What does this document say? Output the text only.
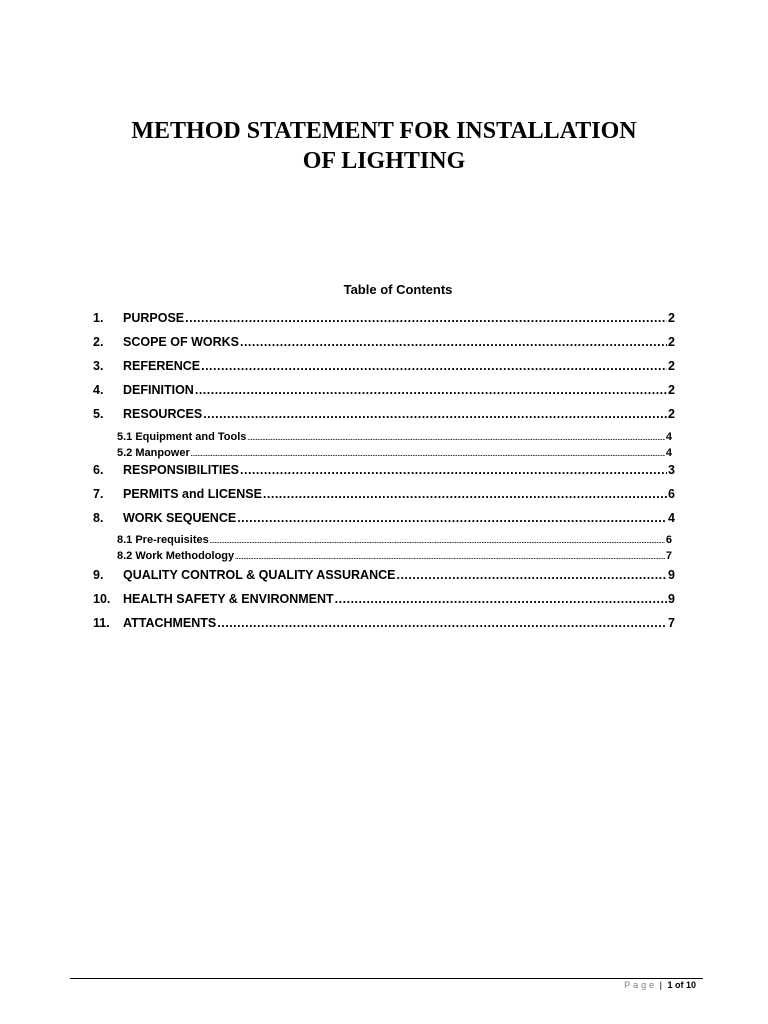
METHOD STATEMENT FOR INSTALLATION
OF LIGHTING
Table of Contents
1.	PURPOSE .....	2
2.	SCOPE OF WORKS .....	2
3.	REFERENCE .....	2
4.	DEFINITION .....	2
5.	RESOURCES .....	2
5.1 Equipment and Tools .....	4
5.2 Manpower .....	4
6.	RESPONSIBILITIES .....	3
7.	PERMITS and LICENSE .....	6
8.	WORK SEQUENCE .....	4
8.1 Pre-requisites .....	6
8.2 Work Methodology .....	7
9.	QUALITY CONTROL & QUALITY ASSURANCE .....	9
10.	HEALTH SAFETY & ENVIRONMENT .....	9
11.	ATTACHMENTS .....	7
Page | 1 of 10
